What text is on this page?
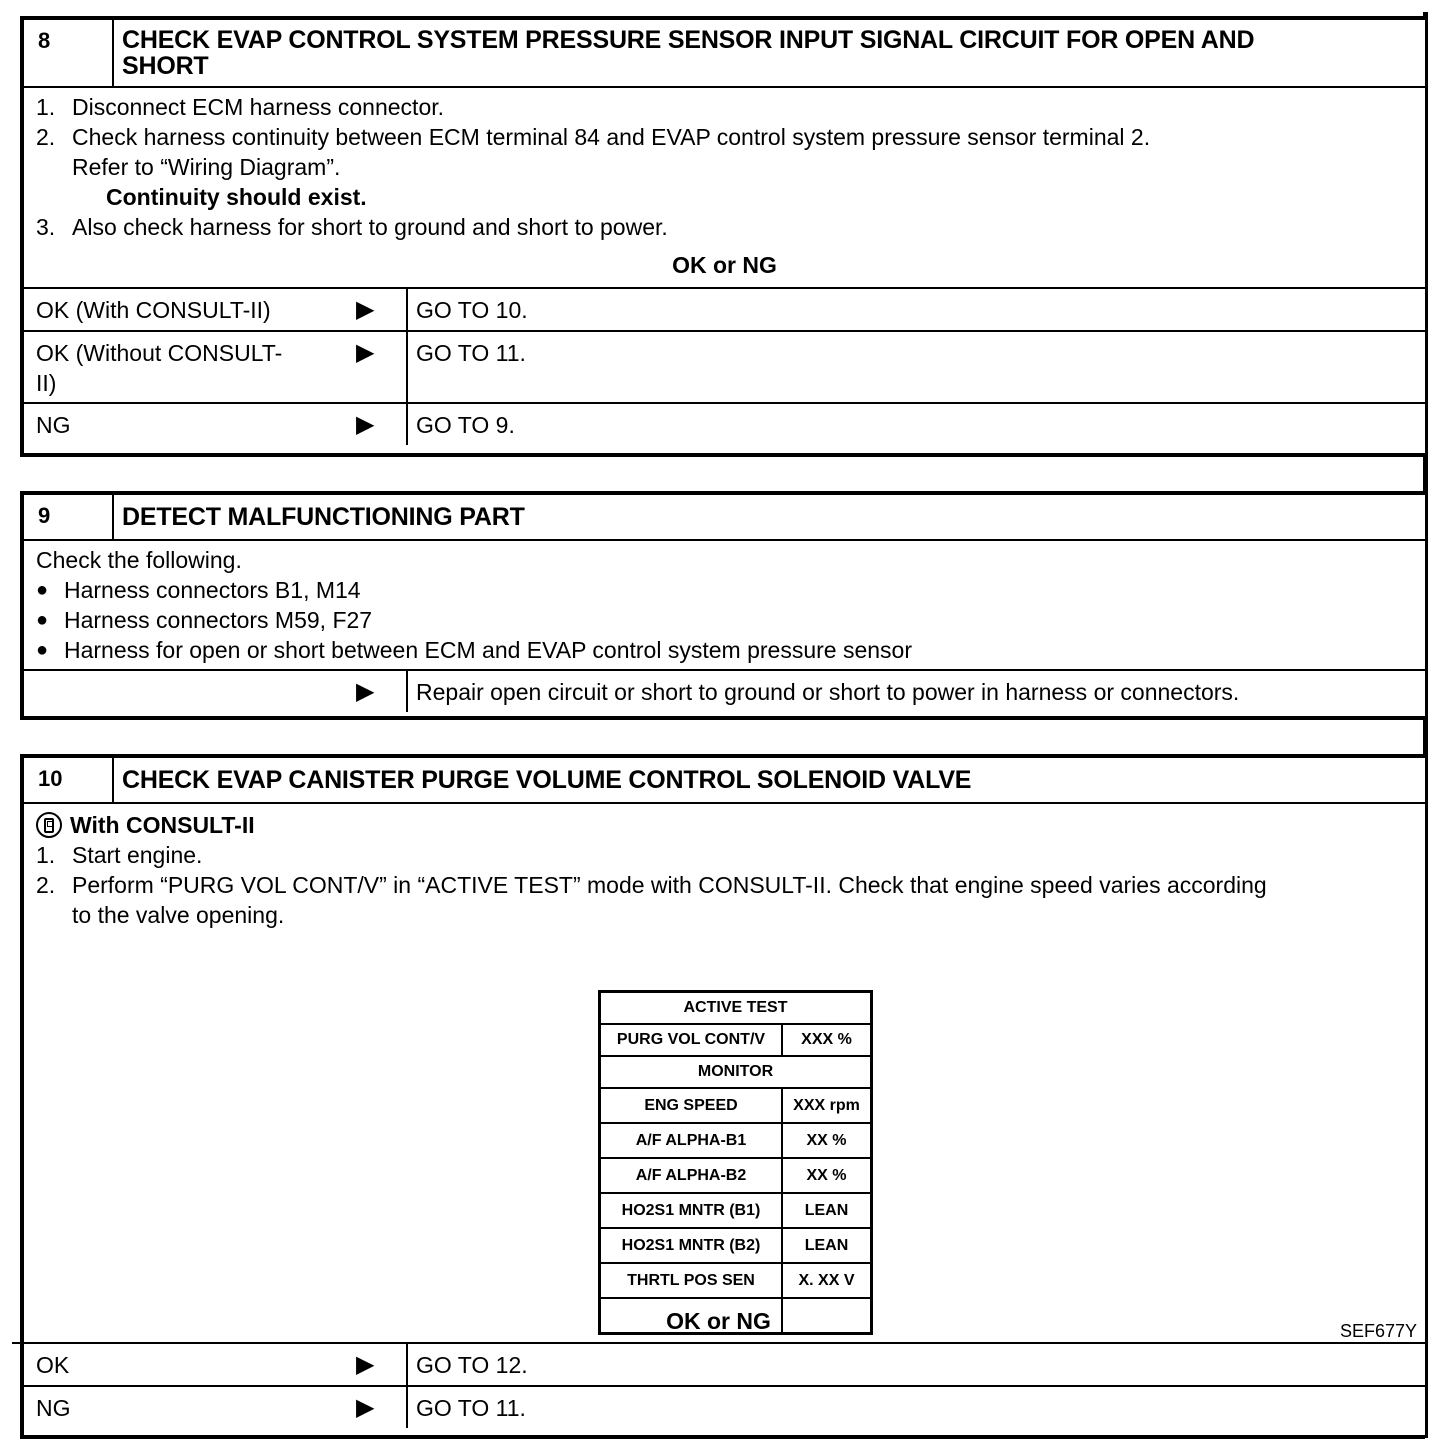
8	CHECK EVAP CONTROL SYSTEM PRESSURE SENSOR INPUT SIGNAL CIRCUIT FOR OPEN AND
SHORT
1. Disconnect ECM harness connector.
2. Check harness continuity between ECM terminal 84 and EVAP control system pressure sensor terminal 2.
Refer to “Wiring Diagram”.
Continuity should exist.
3. Also check harness for short to ground and short to power.
OK or NG
OK (With CONSULT-II)	▶	GO TO 10.
OK (Without CONSULT-
II)
▶	GO TO 11.
NG	▶	GO TO 9.
9	DETECT MALFUNCTIONING PART
Check the following.
● Harness connectors B1, M14
● Harness connectors M59, F27
● Harness for open or short between ECM and EVAP control system pressure sensor
▶	Repair open circuit or short to ground or short to power in harness or connectors.
10	CHECK EVAP CANISTER PURGE VOLUME CONTROL SOLENOID VALVE
With CONSULT-II
1. Start engine.
2. Perform “PURG VOL CONT/V” in “ACTIVE TEST” mode with CONSULT-II. Check that engine speed varies according
to the valve opening.
ACTIVE TEST	
PURG VOL CONT/V	XXX %
MONITOR	
ENG SPEED	XXX rpm
A/F ALPHA-B1	XX %
A/F ALPHA-B2	XX %
HO2S1 MNTR (B1)	LEAN
HO2S1 MNTR (B2)	LEAN
THRTL POS SEN	X. XX V

SEF677Y
OK or NG
OK	▶	GO TO 12.
NG	▶	GO TO 11.
